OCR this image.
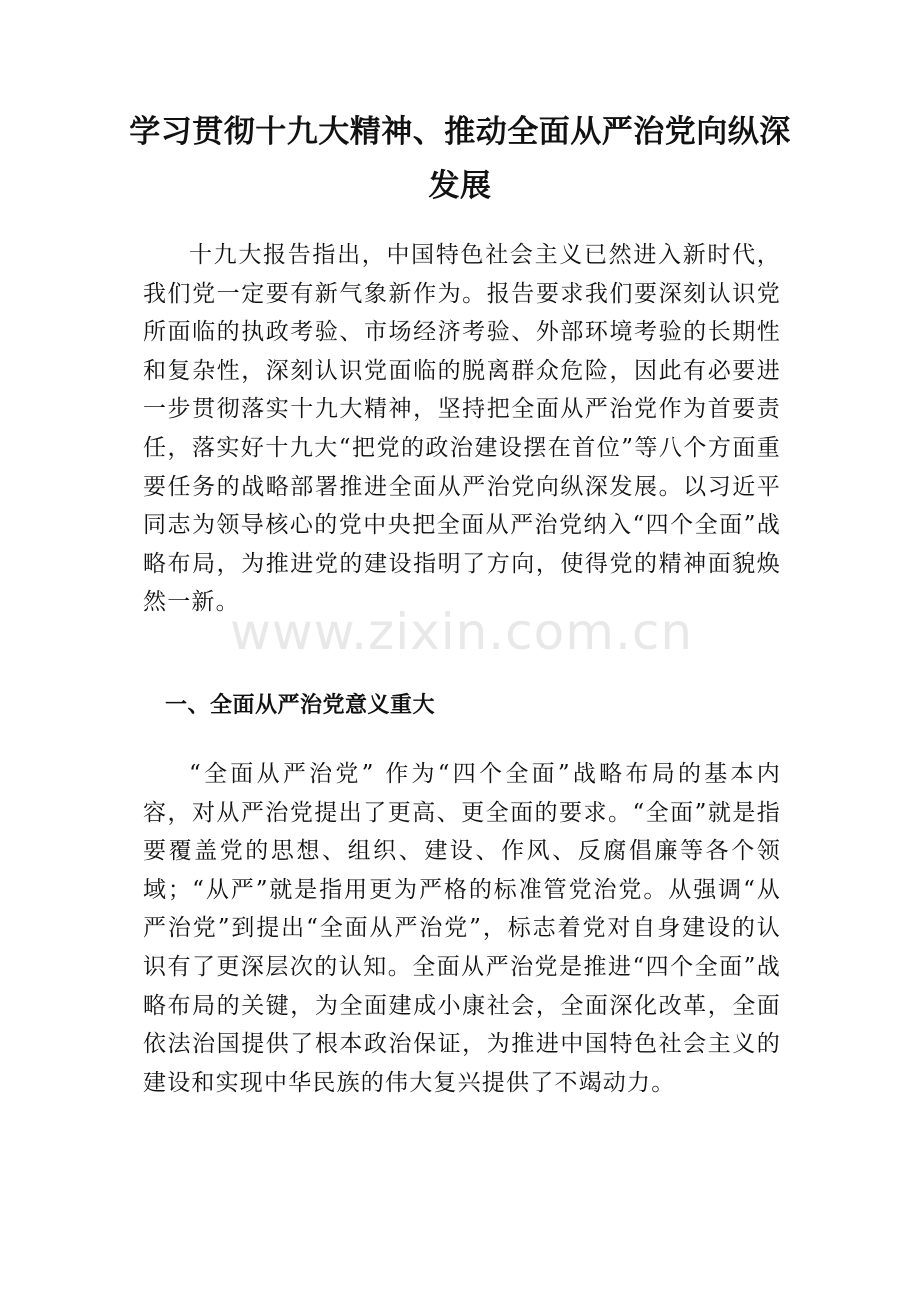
学习贯彻十九大精神、推动全面从严治党向纵深发展

十九大报告指出，中国特色社会主义已然进入新时代，我们党一定要有新气象新作为。报告要求我们要深刻认识党所面临的执政考验、市场经济考验、外部环境考验的长期性和复杂性，深刻认识党面临的脱离群众危险，因此有必要进一步贯彻落实十九大精神，坚持把全面从严治党作为首要责任，落实好十九大“把党的政治建设摆在首位”等八个方面重要任务的战略部署推进全面从严治党向纵深发展。以习近平同志为领导核心的党中央把全面从严治党纳入“四个全面”战略布局，为推进党的建设指明了方向，使得党的精神面貌焕然一新。

www.zixin.com.cn
一、全面从严治党意义重大

“全面从严治党” 作为“四个全面”战略布局的基本内容，对从严治党提出了更高、更全面的要求。“全面”就是指要覆盖党的思想、组织、建设、作风、反腐倡廉等各个领域；“从严”就是指用更为严格的标准管党治党。从强调“从严治党”到提出“全面从严治党”，标志着党对自身建设的认识有了更深层次的认知。全面从严治党是推进“四个全面”战略布局的关键，为全面建成小康社会，全面深化改革，全面依法治国提供了根本政治保证，为推进中国特色社会主义的建设和实现中华民族的伟大复兴提供了不竭动力。
